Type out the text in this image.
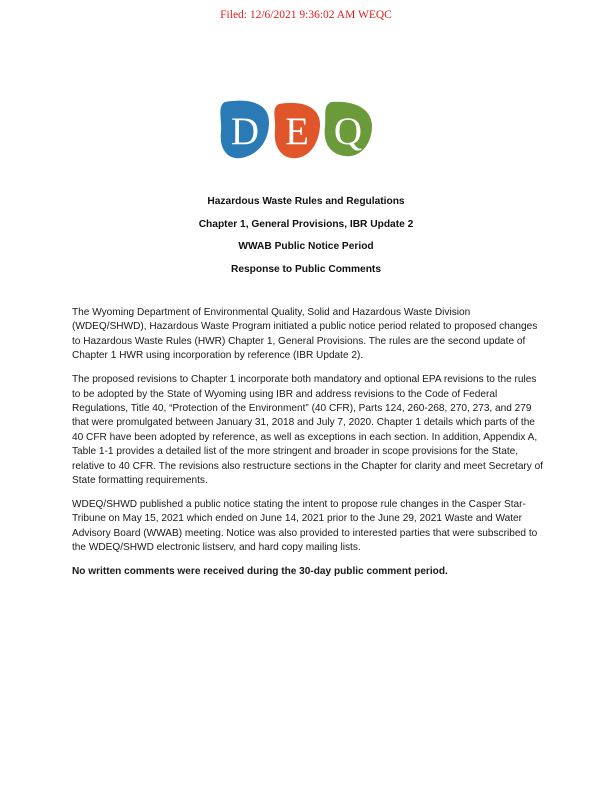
Filed: 12/6/2021 9:36:02 AM WEQC
D E Q
Hazardous Waste Rules and Regulations
Chapter 1, General Provisions, IBR Update 2
WWAB Public Notice Period
Response to Public Comments

The Wyoming Department of Environmental Quality, Solid and Hazardous Waste Division (WDEQ/SHWD), Hazardous Waste Program initiated a public notice period related to proposed changes to Hazardous Waste Rules (HWR) Chapter 1, General Provisions. The rules are the second update of Chapter 1 HWR using incorporation by reference (IBR Update 2).

The proposed revisions to Chapter 1 incorporate both mandatory and optional EPA revisions to the rules to be adopted by the State of Wyoming using IBR and address revisions to the Code of Federal Regulations, Title 40, “Protection of the Environment” (40 CFR), Parts 124, 260-268, 270, 273, and 279 that were promulgated between January 31, 2018 and July 7, 2020. Chapter 1 details which parts of the 40 CFR have been adopted by reference, as well as exceptions in each section. In addition, Appendix A, Table 1-1 provides a detailed list of the more stringent and broader in scope provisions for the State, relative to 40 CFR. The revisions also restructure sections in the Chapter for clarity and meet Secretary of State formatting requirements.

WDEQ/SHWD published a public notice stating the intent to propose rule changes in the Casper Star-Tribune on May 15, 2021 which ended on June 14, 2021 prior to the June 29, 2021 Waste and Water Advisory Board (WWAB) meeting. Notice was also provided to interested parties that were subscribed to the WDEQ/SHWD electronic listserv, and hard copy mailing lists.

No written comments were received during the 30-day public comment period.
